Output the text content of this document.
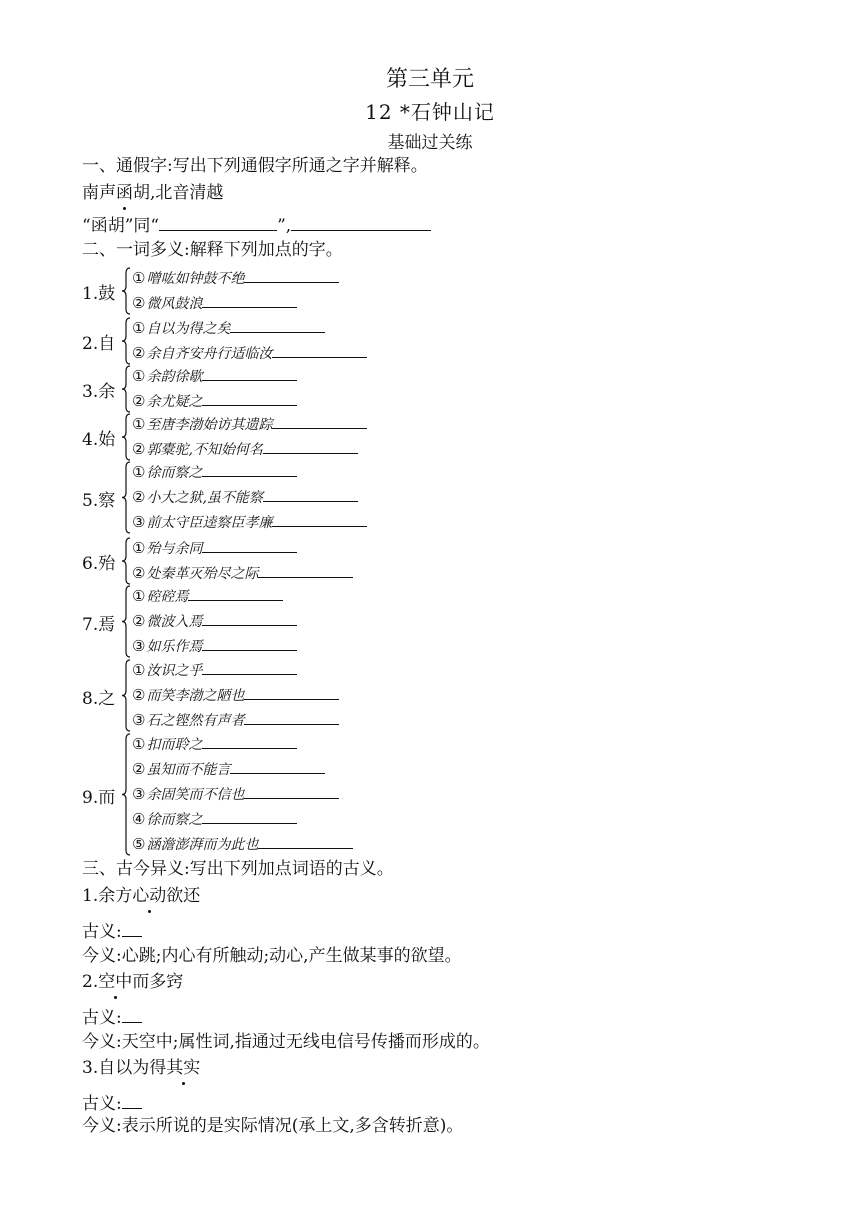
第三单元
12 *石钟山记
基础过关练
一、通假字:写出下列通假字所通之字并解释。
南声函胡,北音清越
“函胡”同“	”,
二、一词多义:解释下列加点的字。
1.鼓
①噌吰如钟鼓不绝
②微风鼓浪
2.自
①自以为得之矣
②余自齐安舟行适临汝
3.余
①余韵徐歇
②余尤疑之
4.始
①至唐李渤始访其遗踪
②郭橐驼,不知始何名
5.察
①徐而察之
②小大之狱,虽不能察
③前太守臣逵察臣孝廉
6.殆
①殆与余同
②处秦革灭殆尽之际
7.焉
①硿硿焉
②微波入焉
③如乐作焉
8.之
①汝识之乎
②而笑李渤之陋也
③石之铿然有声者
9.而
①扣而聆之
②虽知而不能言
③余固笑而不信也
④徐而察之
⑤涵澹澎湃而为此也
三、古今异义:写出下列加点词语的古义。
1.余方心动欲还
古义:
今义:心跳;内心有所触动;动心,产生做某事的欲望。
2.空中而多窍
古义:
今义:天空中;属性词,指通过无线电信号传播而形成的。
3.自以为得其实
古义:
今义:表示所说的是实际情况(承上文,多含转折意)。
